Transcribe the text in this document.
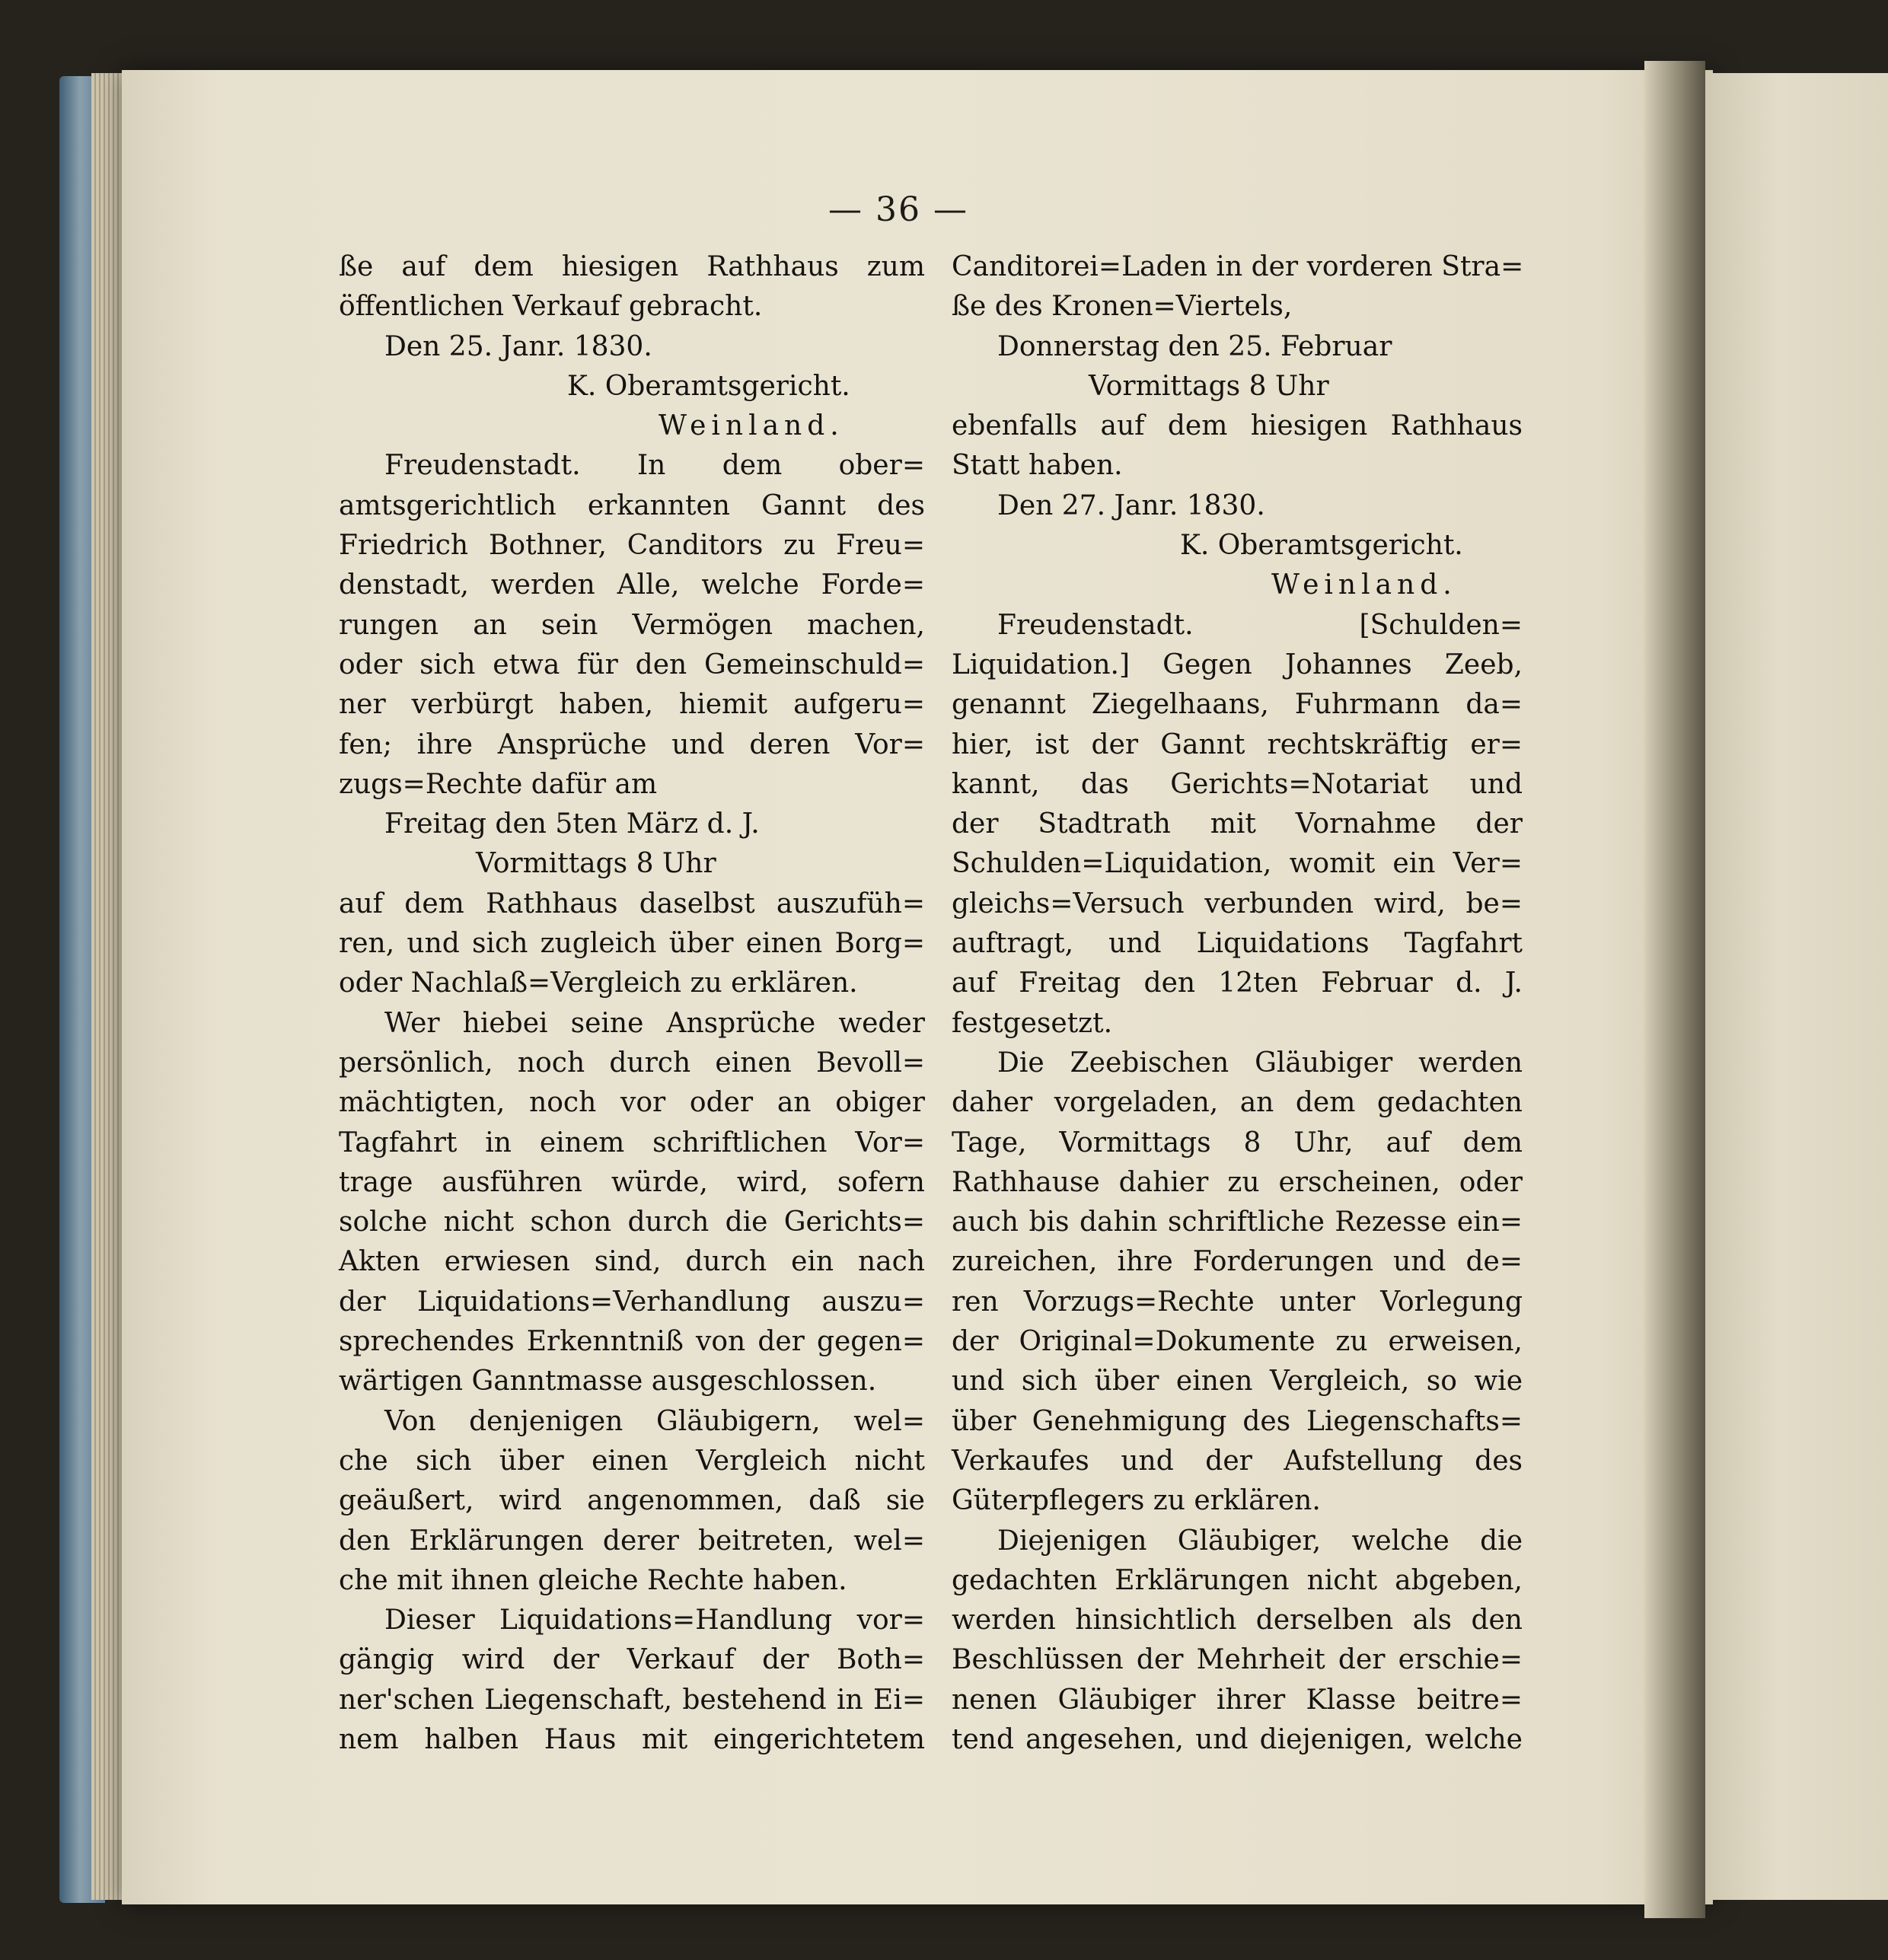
— 36 —
ße auf dem hiesigen Rathhaus zum
öffentlichen Verkauf gebracht.
Den 25. Janr. 1830.
K. Oberamtsgericht.
Weinland.
Freudenstadt. In dem ober=
amtsgerichtlich erkannten Gannt des
Friedrich Bothner, Canditors zu Freu=
denstadt, werden Alle, welche Forde=
rungen an sein Vermögen machen,
oder sich etwa für den Gemeinschuld=
ner verbürgt haben, hiemit aufgeru=
fen; ihre Ansprüche und deren Vor=
zugs=Rechte dafür am
Freitag den 5ten März d. J.
Vormittags 8 Uhr
auf dem Rathhaus daselbst auszufüh=
ren, und sich zugleich über einen Borg=
oder Nachlaß=Vergleich zu erklären.
Wer hiebei seine Ansprüche weder
persönlich, noch durch einen Bevoll=
mächtigten, noch vor oder an obiger
Tagfahrt in einem schriftlichen Vor=
trage ausführen würde, wird, sofern
solche nicht schon durch die Gerichts=
Akten erwiesen sind, durch ein nach
der Liquidations=Verhandlung auszu=
sprechendes Erkenntniß von der gegen=
wärtigen Ganntmasse ausgeschlossen.
Von denjenigen Gläubigern, wel=
che sich über einen Vergleich nicht
geäußert, wird angenommen, daß sie
den Erklärungen derer beitreten, wel=
che mit ihnen gleiche Rechte haben.
Dieser Liquidations=Handlung vor=
gängig wird der Verkauf der Both=
ner'schen Liegenschaft, bestehend in Ei=
nem halben Haus mit eingerichtetem
Canditorei=Laden in der vorderen Stra=
ße des Kronen=Viertels,
Donnerstag den 25. Februar
Vormittags 8 Uhr
ebenfalls auf dem hiesigen Rathhaus
Statt haben.
Den 27. Janr. 1830.
K. Oberamtsgericht.
Weinland.
Freudenstadt. [Schulden=
Liquidation.] Gegen Johannes Zeeb,
genannt Ziegelhaans, Fuhrmann da=
hier, ist der Gannt rechtskräftig er=
kannt, das Gerichts=Notariat und
der Stadtrath mit Vornahme der
Schulden=Liquidation, womit ein Ver=
gleichs=Versuch verbunden wird, be=
auftragt, und Liquidations Tagfahrt
auf Freitag den 12ten Februar d. J.
festgesetzt.
Die Zeebischen Gläubiger werden
daher vorgeladen, an dem gedachten
Tage, Vormittags 8 Uhr, auf dem
Rathhause dahier zu erscheinen, oder
auch bis dahin schriftliche Rezesse ein=
zureichen, ihre Forderungen und de=
ren Vorzugs=Rechte unter Vorlegung
der Original=Dokumente zu erweisen,
und sich über einen Vergleich, so wie
über Genehmigung des Liegenschafts=
Verkaufes und der Aufstellung des
Güterpflegers zu erklären.
Diejenigen Gläubiger, welche die
gedachten Erklärungen nicht abgeben,
werden hinsichtlich derselben als den
Beschlüssen der Mehrheit der erschie=
nenen Gläubiger ihrer Klasse beitre=
tend angesehen, und diejenigen, welche
